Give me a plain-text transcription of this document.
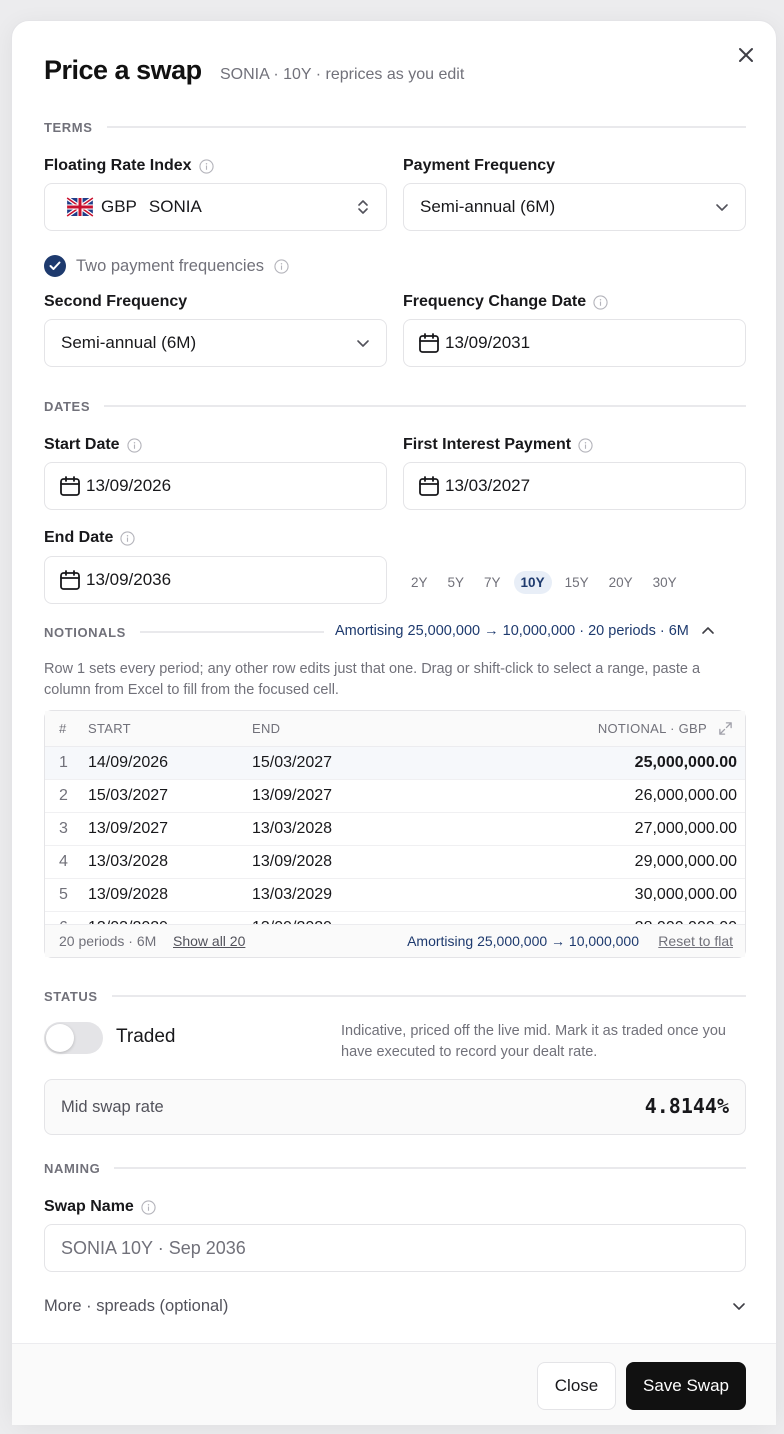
Price a swap SONIA · 10Y · reprices as you edit
TERMS
Floating Rate Index
GBP SONIA
Payment Frequency
Semi-annual (6M)
Two payment frequencies
Second Frequency
Semi-annual (6M)
Frequency Change Date
13/09/2031
DATES
Start Date
13/09/2026
First Interest Payment
13/03/2027
End Date
13/09/2036	2Y	5Y	7Y	10Y	15Y	20Y	30Y
NOTIONALS	Amortising 25,000,000 → 10,000,000 · 20 periods · 6M
Row 1 sets every period; any other row edits just that one. Drag or shift-click to select a range, paste a column from Excel to fill from the focused cell.
# START	END	NOTIONAL · GBP
1 14/09/2026	15/03/2027	25,000,000.00
2 15/03/2027	13/09/2027	26,000,000.00
3 13/09/2027	13/03/2028	27,000,000.00
4 13/03/2028	13/09/2028	29,000,000.00
5 13/09/2028	13/03/2029	30,000,000.00
20 periods · 6M Show all 20	Amortising 25,000,000 → 10,000,000 Reset to flat
STATUS
Traded	Indicative, priced off the live mid. Mark it as traded once you have executed to record your dealt rate.
Mid swap rate	4.8144%
NAMING
Swap Name
SONIA 10Y · Sep 2036
More · spreads (optional)
Close	Save Swap
